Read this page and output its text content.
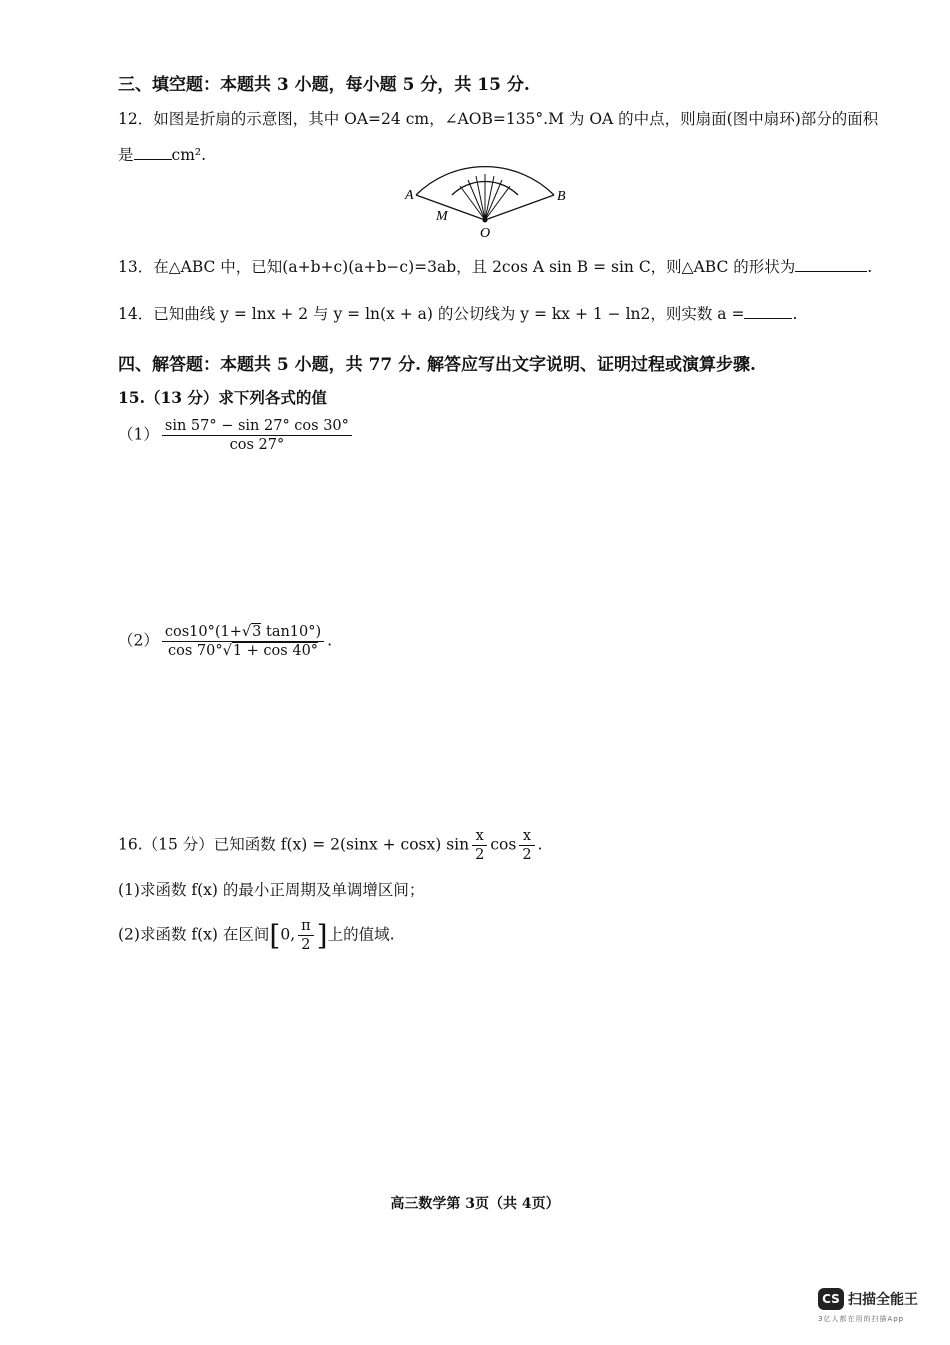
三、填空题：本题共 3 小题，每小题 5 分，共 15 分.
12．如图是折扇的示意图，其中 OA=24 cm，∠AOB=135°.M 为 OA 的中点，则扇面(图中扇环)部分的面积
是 cm².
A	B
M
O
13．在△ABC 中，已知(a+b+c)(a+b−c)=3ab，且 2cos A sin B = sin C，则△ABC 的形状为	.
14．已知曲线 y = lnx + 2 与 y = ln(x + a) 的公切线为 y = kx + 1 − ln2，则实数 a =	.
四、解答题：本题共 5 小题，共 77 分. 解答应写出文字说明、证明过程或演算步骤.
15.（13 分）求下列各式的值
$(1) \frac{\sin 57^\circ - \sin 27^\circ \cos 30^\circ}{\cos 27^\circ}$
$(2) \frac{\cos 10^\circ(1+√3 \tan 10^\circ)}{\cos 70^\circ√1 + \cos 40^\circ}$ .
16.（15 分）已知函数 f(x) = 2(sinx + cosx) $\sin \frac{x}{2}$ $\cos \frac{x}{2}$ .
(1)求函数 f(x) 的最小正周期及单调增区间；
(2)求函数 f(x) 在区间[0, $\frac{\pi}{2}$ ]上的值域.
高三数学第 3页（共 4页）
CS 扫描全能王
3亿人都在用的扫描App
